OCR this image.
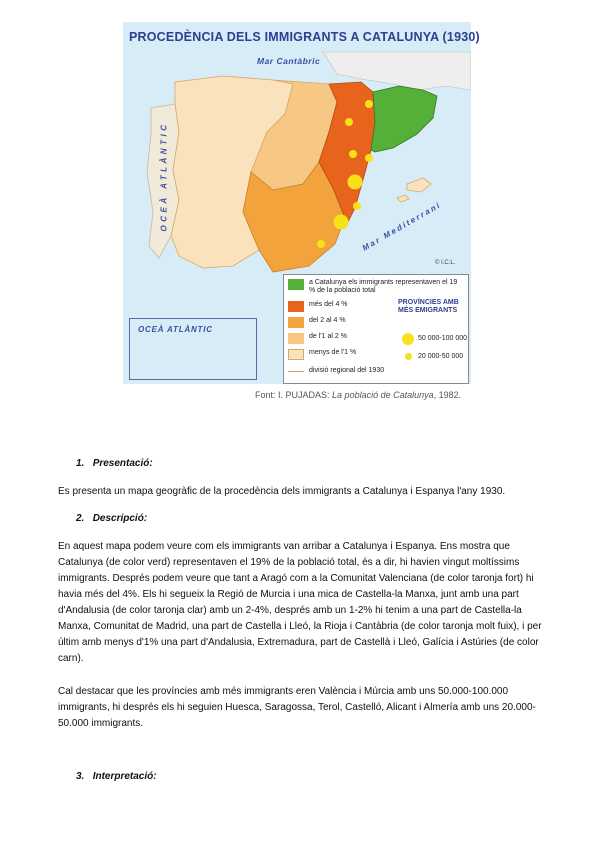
PROCEDÈNCIA DELS IMMIGRANTS A CATALUNYA (1930)
Mar Cantàbric
OCEÀ ATLÀNTIC	Mar Mediterrani
© I.C.L.
OCEÀ ATLÀNTIC
a Catalunya els immigrants representaven el 19 % de la població total
més del 4 %
del 2 al 4 %
de l'1 al 2 %
menys de l'1 %
divisió regional del 1930
PROVÍNCIES AMB MÉS EMIGRANTS
50 000-100 000
20 000-50 000
Font: I. PUJADAS: La població de Catalunya, 1982.
1. Presentació:

Es presenta un mapa geogràfic de la procedència dels immigrants a Catalunya i Espanya l'any 1930.

2. Descripció:

En aquest mapa podem veure com els immigrants van arribar a Catalunya i Espanya. Ens mostra que Catalunya (de color verd) representaven el 19% de la població total, és a dir, hi havien vingut moltíssims immigrants. Després podem veure que tant a Aragó com a la Comunitat Valenciana (de color taronja fort) hi havia més del 4%. Els hi segueix la Regió de Murcia i una mica de Castella-la Manxa, junt amb una part d'Andalusia (de color taronja clar) amb un 2-4%, després amb un 1-2% hi tenim a una part de Castella-la Manxa, Comunitat de Madrid, una part de Castella i Lleó, la Rioja i Cantàbria (de color taronja molt fuix), i per últim amb menys d'1% una part d'Andalusia, Extremadura, part de Castellà i Lleó, Galícia i Astúries (de color carn).

Cal destacar que les províncies amb més immigrants eren València i Múrcia amb uns 50.000-100.000 immigrants, hi després els hi seguien Huesca, Saragossa, Terol, Castelló, Alicant i Almería amb uns 20.000-50.000 immigrants.

3. Interpretació:
